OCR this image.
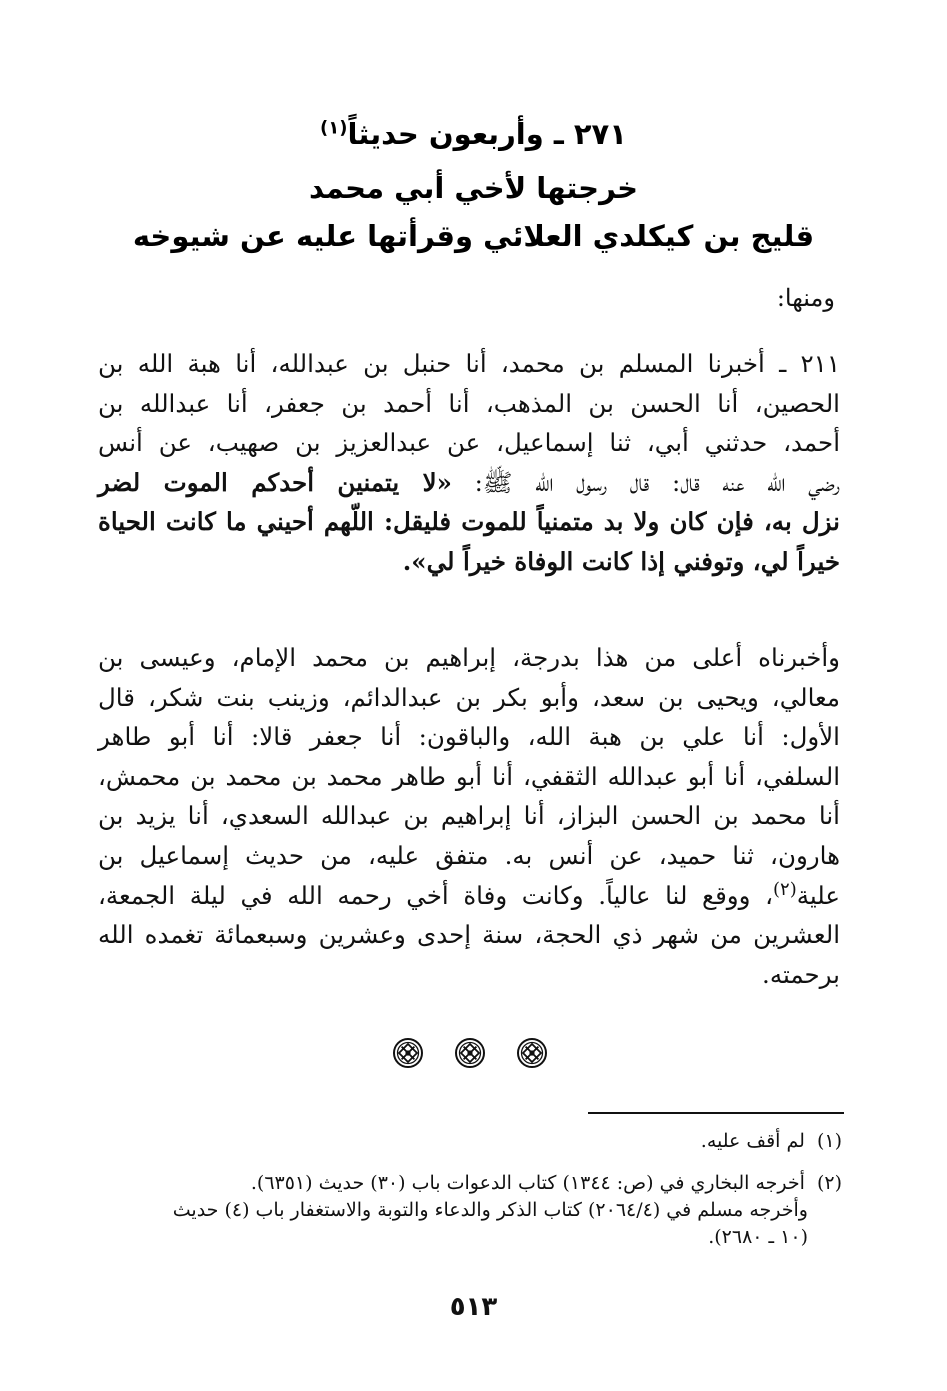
٢٧١ ـ وأربعون حديثاً$^{(١)}$
خرجتها لأخي أبي محمد
قليج بن كيكلدي العلائي وقرأتها عليه عن شيوخه
ومنها:
٢١١ ـ أخبرنا المسلم بن محمد، أنا حنبل بن عبدالله، أنا هبة الله بن
الحصين، أنا الحسن بن المذهب، أنا أحمد بن جعفر، أنا عبدالله بن
أحمد، حدثني أبي، ثنا إسماعيل، عن عبدالعزيز بن صهيب، عن أنس
رضي الله عنه قال: قال رسول الله ﷺ: «لا يتمنين أحدكم الموت لضر
نزل به، فإن كان ولا بد متمنياً للموت فليقل: اللّهم أحيني ما كانت الحياة
خيراً لي، وتوفني إذا كانت الوفاة خيراً لي».
وأخبرناه أعلى من هذا بدرجة، إبراهيم بن محمد الإمام، وعيسى بن
معالي، ويحيى بن سعد، وأبو بكر بن عبدالدائم، وزينب بنت شكر، قال
الأول: أنا علي بن هبة الله، والباقون: أنا جعفر قالا: أنا أبو طاهر
السلفي، أنا أبو عبدالله الثقفي، أنا أبو طاهر محمد بن محمد بن محمش،
أنا محمد بن الحسن البزاز، أنا إبراهيم بن عبدالله السعدي، أنا يزيد بن
هارون، ثنا حميد، عن أنس به. متفق عليه، من حديث إسماعيل بن
علية$^{(٢)}$، ووقع لنا عالياً. وكانت وفاة أخي رحمه الله في ليلة الجمعة،
العشرين من شهر ذي الحجة، سنة إحدى وعشرين وسبعمائة تغمده الله
برحمته.
(١)لم أقف عليه.
(٢)أخرجه البخاري في (ص: ١٣٤٤) كتاب الدعوات باب (٣٠) حديث (٦٣٥١).
وأخرجه مسلم في (٢٠٦٤/٤) كتاب الذكر والدعاء والتوبة والاستغفار باب (٤) حديث
(١٠ ـ ٢٦٨٠).
٥١٣
